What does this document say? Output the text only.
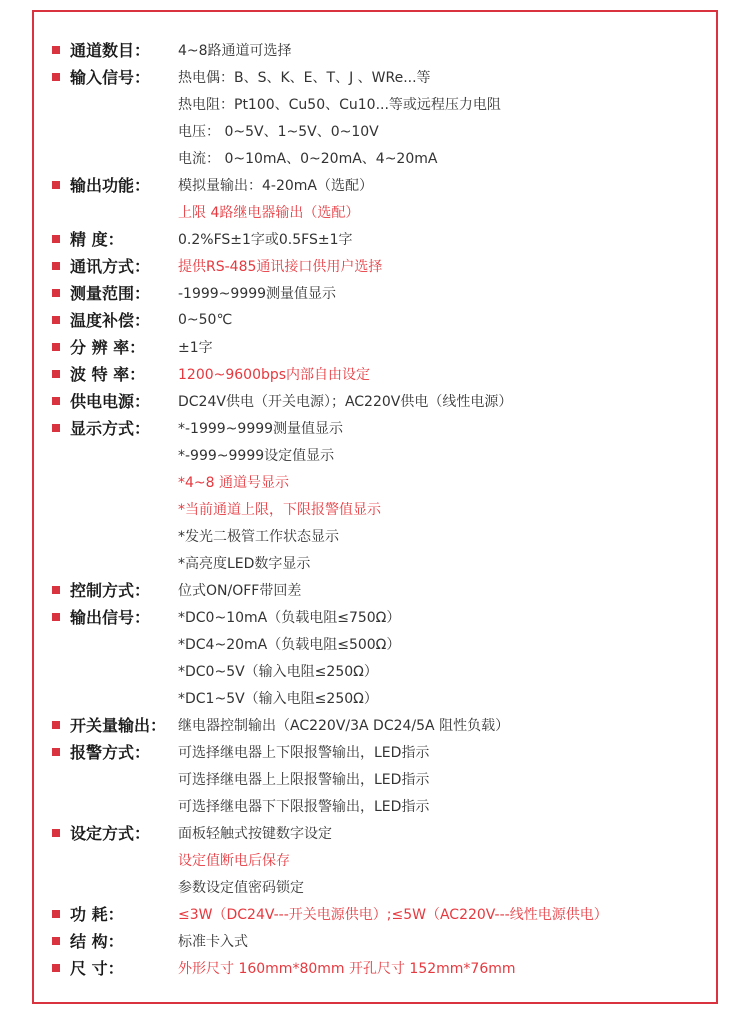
通道数目：	4~8路通道可选择
输入信号：	热电偶：B、S、K、E、T、J 、WRe...等
热电阻：Pt100、Cu50、Cu10...等或远程压力电阻
电压： 0~5V、1~5V、0~10V
电流： 0~10mA、0~20mA、4~20mA
输出功能：	模拟量输出：4-20mA（选配）
上限 4路继电器输出（选配）
精 度：	0.2%FS±1字或0.5FS±1字
通讯方式：	提供RS-485通讯接口供用户选择
测量范围：	-1999~9999测量值显示
温度补偿：	0~50℃
分 辨 率：	±1字
波 特 率：	1200~9600bps内部自由设定
供电电源：	DC24V供电（开关电源）；AC220V供电（线性电源）
显示方式：	*-1999~9999测量值显示
*-999~9999设定值显示
*4~8 通道号显示
*当前通道上限，下限报警值显示
*发光二极管工作状态显示
*高亮度LED数字显示
控制方式：	位式ON/OFF带回差
输出信号：	*DC0~10mA（负载电阻≤750Ω）
*DC4~20mA（负载电阻≤500Ω）
*DC0~5V（输入电阻≤250Ω）
*DC1~5V（输入电阻≤250Ω）
开关量输出： 继电器控制输出（AC220V/3A DC24/5A 阻性负载）
报警方式：	可选择继电器上下限报警输出，LED指示
可选择继电器上上限报警输出，LED指示
可选择继电器下下限报警输出，LED指示
设定方式：	面板轻触式按键数字设定
设定值断电后保存
参数设定值密码锁定
功 耗：	≤3W（DC24V---开关电源供电）;≤5W（AC220V---线性电源供电）
结 构：	标准卡入式
尺 寸：	外形尺寸 160mm*80mm 开孔尺寸 152mm*76mm
